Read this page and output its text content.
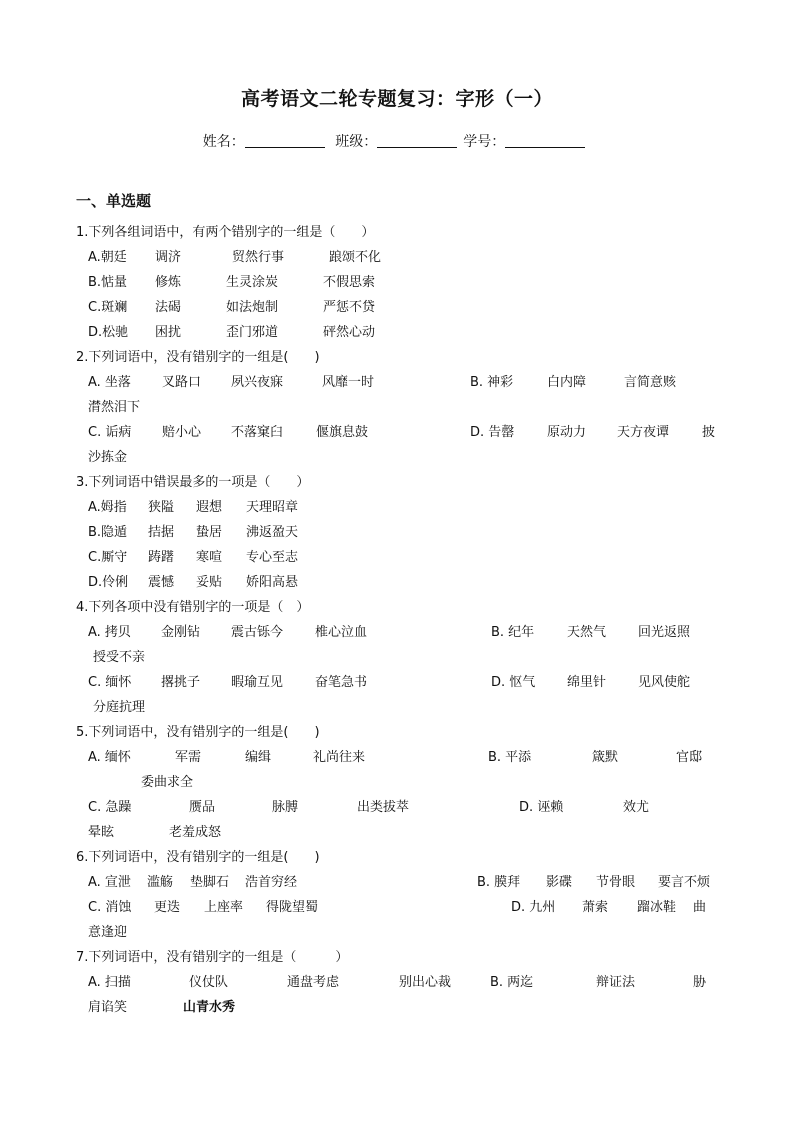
高考语文二轮专题复习：字形（一）
姓名：	班级：	学号：
一、单选题
1.下列各组词语中，有两个错别字的一组是（　　）
A.朝廷 调济	贸然行事	踉颂不化
B.惦量 修炼	生灵涂炭	不假思索
C.斑斓 法碣	如法炮制	严惩不贷
D.松驰 困扰	歪门邪道	砰然心动
2.下列词语中，没有错别字的一组是(　　)
A. 坐落 叉路口 夙兴夜寐	风靡一时	B. 神彩	白内障	言简意赅
潸然泪下
C. 诟病 赔小心 不落窠臼	偃旗息鼓	D. 告罄	原动力 天方夜谭	披
沙拣金
3.下列词语中错误最多的一项是（　　）
A.姆指 狭隘 遐想 天理昭章
B.隐遁 拮据 蛰居 沸返盈天
C.厮守 踌躇 寒喧 专心至志
D.伶俐 震憾 妥贴 娇阳高悬
4.下列各项中没有错别字的一项是（　）
A. 拷贝 金刚钻 震古铄今 椎心泣血	B. 纪年	天然气 回光返照
授受不亲
C. 缅怀 撂挑子 暇瑜互见 奋笔急书	D. 怄气 绵里针 见风使舵
分庭抗理
5.下列词语中，没有错别字的一组是(　　)
A. 缅怀	军需	编缉	礼尚往来	B. 平添	箴默	官邸
委曲求全
C. 急躁	赝品	脉膊	出类拔萃	D. 诬赖	效尤
晕眩	老羞成怒
6.下列词语中，没有错别字的一组是(　　)
A. 宣泄 滥觞 垫脚石 浩首穷经	B. 膜拜 影碟 节骨眼 要言不烦
C. 消蚀 更迭 上座率 得陇望蜀	D. 九州 萧索 蹓冰鞋 曲
意逢迎
7.下列词语中，没有错别字的一组是（　　　）
A. 扫描	仪仗队	通盘考虑	别出心裁	B. 两迄	辩证法	胁
肩谄笑	山青水秀
